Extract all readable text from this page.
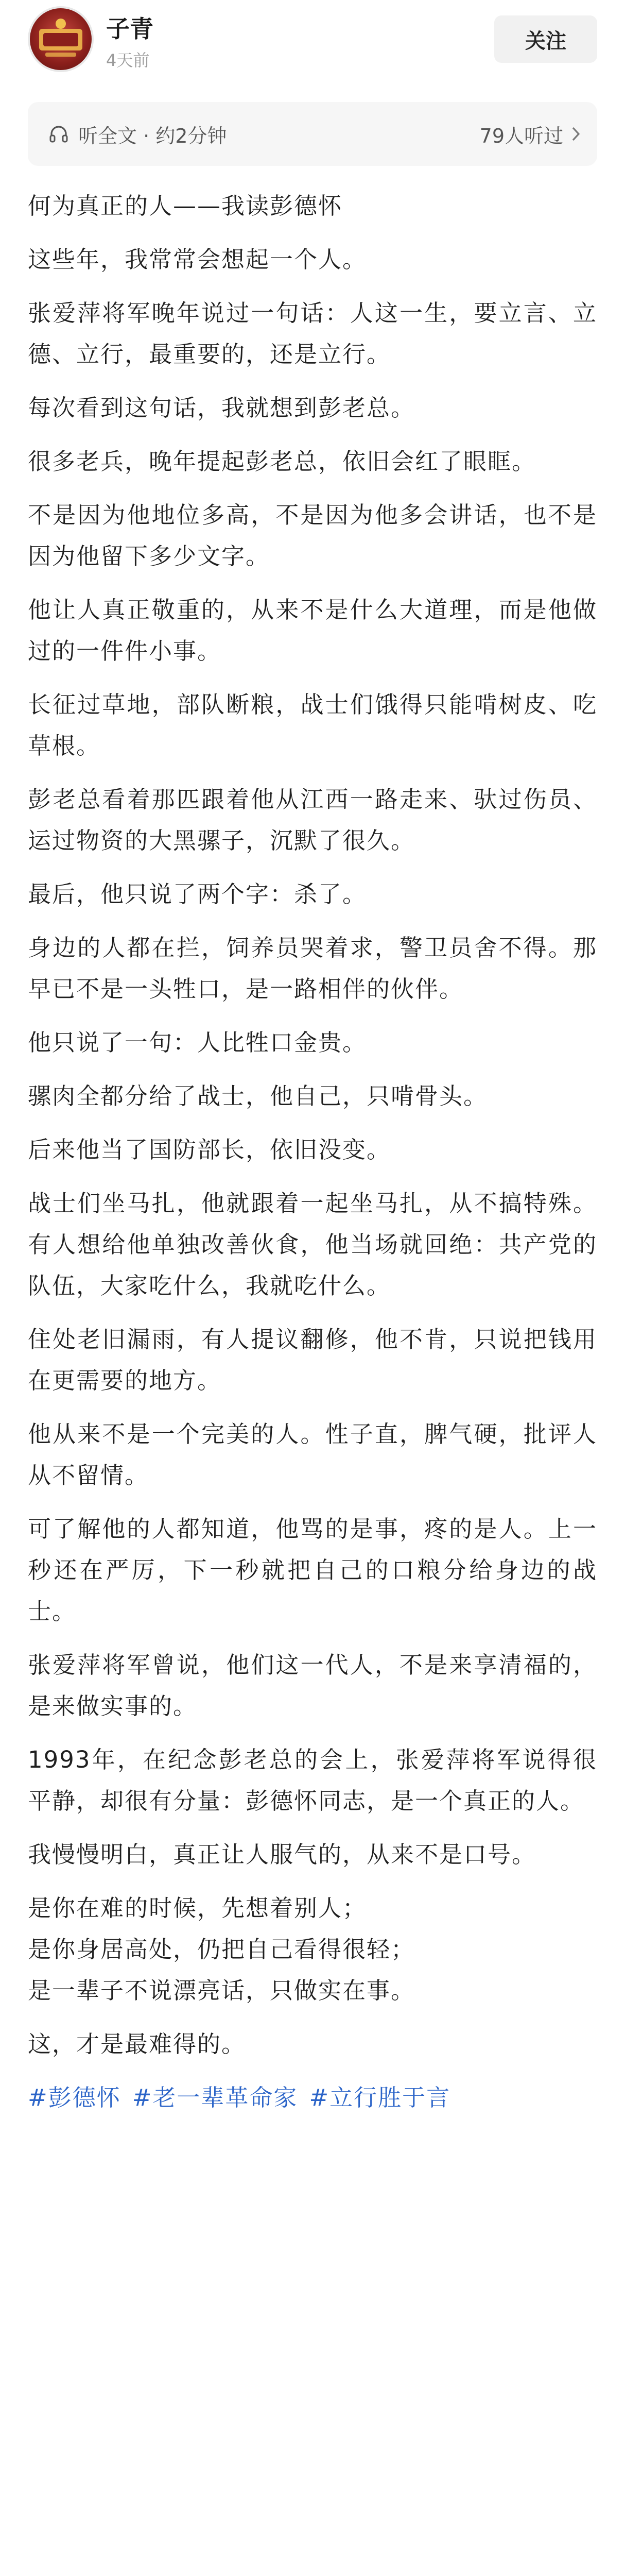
子青
4天前
关注
听全文 · 约2分钟	79人听过

何为真正的人——我读彭德怀

这些年，我常常会想起一个人。

张爱萍将军晚年说过一句话：人这一生，要立言、立德、立行，最重要的，还是立行。

每次看到这句话，我就想到彭老总。

很多老兵，晚年提起彭老总，依旧会红了眼眶。

不是因为他地位多高，不是因为他多会讲话，也不是因为他留下多少文字。

他让人真正敬重的，从来不是什么大道理，而是他做过的一件件小事。

长征过草地，部队断粮，战士们饿得只能啃树皮、吃草根。

彭老总看着那匹跟着他从江西一路走来、驮过伤员、运过物资的大黑骡子，沉默了很久。

最后，他只说了两个字：杀了。

身边的人都在拦，饲养员哭着求，警卫员舍不得。那早已不是一头牲口，是一路相伴的伙伴。

他只说了一句：人比牲口金贵。

骡肉全都分给了战士，他自己，只啃骨头。

后来他当了国防部长，依旧没变。

战士们坐马扎，他就跟着一起坐马扎，从不搞特殊。有人想给他单独改善伙食，他当场就回绝：共产党的队伍，大家吃什么，我就吃什么。

住处老旧漏雨，有人提议翻修，他不肯，只说把钱用在更需要的地方。

他从来不是一个完美的人。性子直，脾气硬，批评人从不留情。

可了解他的人都知道，他骂的是事，疼的是人。上一秒还在严厉，下一秒就把自己的口粮分给身边的战士。

张爱萍将军曾说，他们这一代人，不是来享清福的，是来做实事的。

1993年，在纪念彭老总的会上，张爱萍将军说得很平静，却很有分量：彭德怀同志，是一个真正的人。

我慢慢明白，真正让人服气的，从来不是口号。

是你在难的时候，先想着别人；
是你身居高处，仍把自己看得很轻；
是一辈子不说漂亮话，只做实在事。

这，才是最难得的。

#彭德怀 #老一辈革命家 #立行胜于言
